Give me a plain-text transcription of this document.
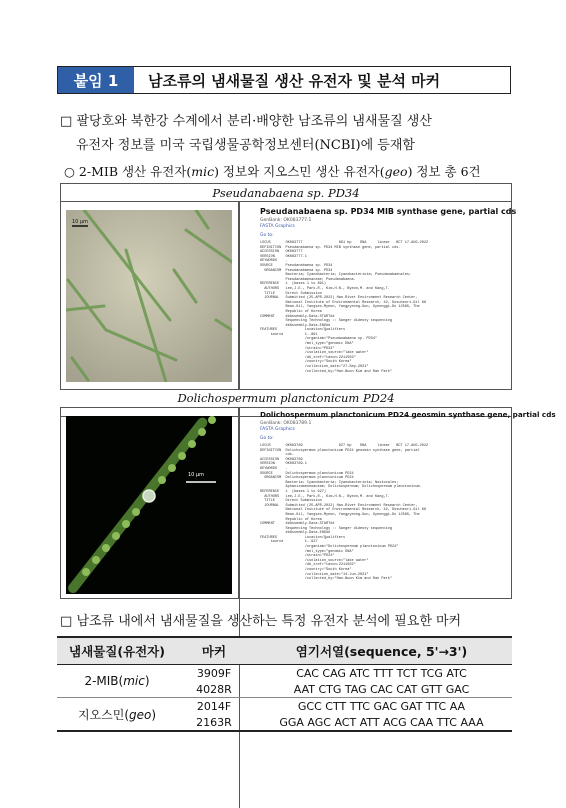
붙임 1	남조류의 냄새물질 생산 유전자 및 분석 마커
□ 팔당호와 북한강 수계에서 분리·배양한 남조류의 냄새물질 생산
유전자 정보를 미국 국립생물공학정보센터(NCBI)에 등재함
○ 2-MIB 생산 유전자(mic) 정보와 지오스민 생산 유전자(geo) 정보 총 6건
Pseudanabaena sp. PD34
Dolichospermum planctonicum PD24
10 µm
Pseudanabaena sp. PD34 MIB synthase gene, partial cds
GenBank: OK083777.1
FASTA Graphics
Go to:
LOCUS       OK083777                 891 bp    DNA     linear   BCT 17-AUG-2022
DEFINITION  Pseudanabaena sp. PD34 MIB synthase gene, partial cds.
ACCESSION   OK083777
VERSION     OK083777.1
KEYWORDS    .
SOURCE      Pseudanabaena sp. PD34
ORGANISM  Pseudanabaena sp. PD34
Bacteria; Cyanobacteria; Cyanobacteriota; Pseudanabaenales;
Pseudanabaenaceae; Pseudanabaena.
REFERENCE   1  (bases 1 to 891)
AUTHORS   Lee,J.E., Park,R., Kim,H.N., Byeon,M. and Kang,T.
TITLE     Direct Submission
JOURNAL   Submitted (25-APR-2022) Han-River Environment Research Center,
National Institute of Environmental Research, 42, Dosuheori-Gil 68
Bean-Gil, Yangseo-Myeon, Yangpyeong-Gun, Gyeonggi-Do 12585, The
Republic of Korea
COMMENT     ##Assembly-Data-START##
Sequencing Technology :: Sanger dideoxy sequencing
##Assembly-Data-END##
FEATURES             Location/Qualifiers
source          1..891
/organism="Pseudanabaena sp. PD34"
/mol_type="genomic DNA"
/strain="PD34"
/isolation_source="lake water"
/db_xref="taxon:2211503"
/country="South Korea"
/collection_date="27-Sep-2021"
/collected_by="Han-Nuon Kim and Ran Park"
10 µm
Dolichospermum planctonicum PD24 geosmin synthase gene, partial cds
GenBank: OK083789.1
FASTA Graphics
Go to:
LOCUS       OK083789                 927 bp    DNA     linear   BCT 17-AUG-2022
DEFINITION  Dolichospermum planctonicum PD24 geosmin synthase gene, partial
cds.
ACCESSION   OK083789
VERSION     OK083789.1
KEYWORDS    .
SOURCE      Dolichospermum planctonicum PD24
ORGANISM  Dolichospermum planctonicum PD24
Bacteria; Cyanobacteria; Cyanobacteriota; Nostocales;
Aphanizomenonaceae; Dolichospermum; Dolichospermum planctonicum.
REFERENCE   1  (bases 1 to 927)
AUTHORS   Lee,J.E., Park,R., Kim,H.N., Byeon,M. and Kang,T.
TITLE     Direct Submission
JOURNAL   Submitted (25-APR-2022) Han-River Environment Research Center,
National Institute of Environmental Research, 42, Dosuheori-Gil 68
Bean-Gil, Yangseo-Myeon, Yangpyeong-Gun, Gyeonggi-Do 12585, The
Republic of Korea
COMMENT     ##Assembly-Data-START##
Sequencing Technology :: Sanger dideoxy sequencing
##Assembly-Data-END##
FEATURES             Location/Qualifiers
source          1..927
/organism="Dolichospermum planctonicum PD24"
/mol_type="genomic DNA"
/strain="PD24"
/isolation_source="lake water"
/db_xref="taxon:2211502"
/country="South Korea"
/collection_date="14-Jun-2021"
/collected_by="Han-Nuon Kim and Ran Park"
□ 남조류 내에서 냄새물질을 생산하는 특정 유전자 분석에 필요한 마커
냄새물질(유전자)	마커	염기서열(sequence, 5'→3')
2-MIB(mic)	3909F	CAC CAG ATC TTT TCT TCG ATC
	4028R	AAT CTG TAG CAC CAT GTT GAC
지오스민(geo)	2014F	GCC CTT TTC GAC GAT TTC AA
	2163R	GGA AGC ACT ATT ACG CAA TTC AAA
